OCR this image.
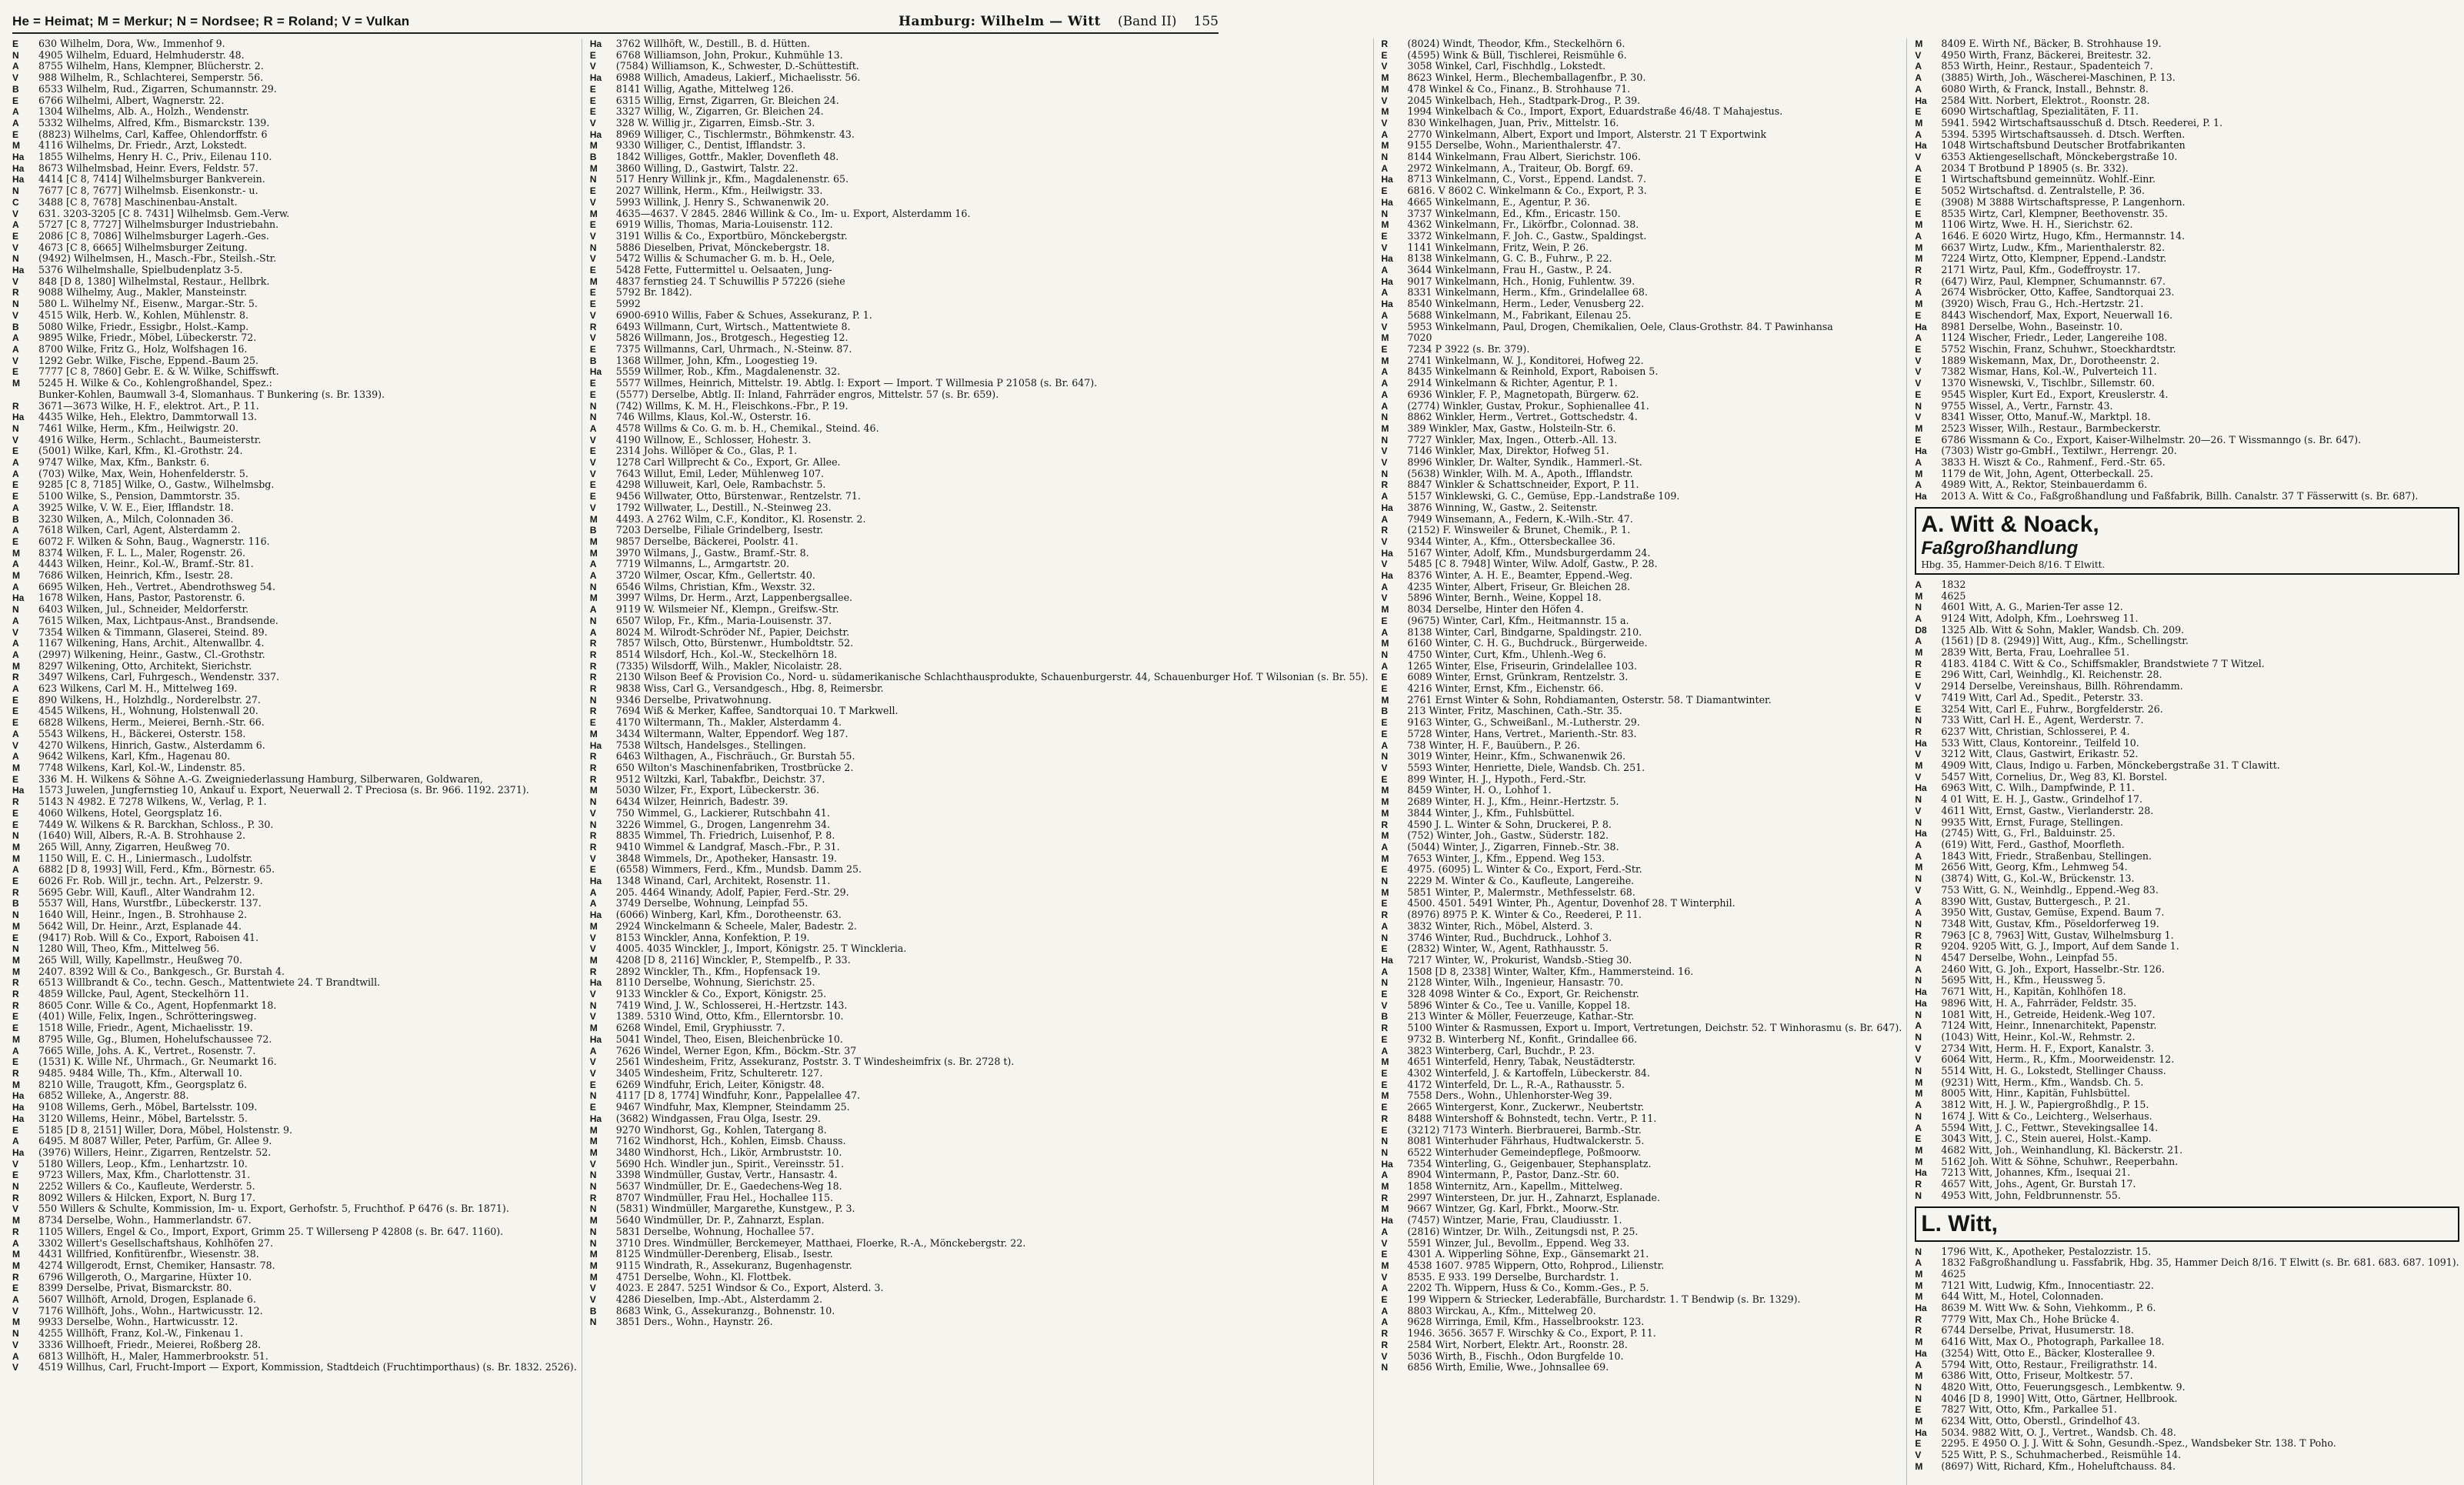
He = Heimat; M = Merkur; N = Nordsee; R = Roland; V = Vulkan	Hamburg: Wilhelm — Witt (Band II) 155
E	630 Wilhelm, Dora, Ww., Immenhof 9.
N	4905 Wilhelm, Eduard, Helmhuderstr. 48.
A	8755 Wilhelm, Hans, Klempner, Blücherstr. 2.
V	988 Wilhelm, R., Schlachterei, Semperstr. 56.
B	6533 Wilhelm, Rud., Zigarren, Schumannstr. 29.
E	6766 Wilhelmi, Albert, Wagnerstr. 22.
A	1304 Wilhelms, Alb. A., Holzh., Wendenstr.
A	5332 Wilhelms, Alfred, Kfm., Bismarckstr. 139.
E	(8823) Wilhelms, Carl, Kaffee, Ohlendorffstr. 6
M	4116 Wilhelms, Dr. Friedr., Arzt, Lokstedt.
Ha	1855 Wilhelms, Henry H. C., Priv., Eilenau 110.
Ha	8673 Wilhelmsbad, Heinr. Evers, Feldstr. 57.
Ha	4414 [C 8, 7414] Wilhelmsburger Bankverein.
N	7677 [C 8, 7677] Wilhelmsb. Eisenkonstr.- u.
C	3488 [C 8, 7678] Maschinenbau-Anstalt.
V	631. 3203-3205 [C 8. 7431] Wilhelmsb. Gem.-Verw.
A	5727 [C 8, 7727] Wilhelmsburger Industriebahn.
E	2086 [C 8, 7086] Wilhelmsburger Lagerh.-Ges.
V	4673 [C 8, 6665] Wilhelmsburger Zeitung.
N	(9492) Wilhelmsen, H., Masch.-Fbr., Steilsh.-Str.
Ha	5376 Wilhelmshalle, Spielbudenplatz 3-5.
V	848 [D 8, 1380] Wilhelmstal, Restaur., Hellbrk.
R	9088 Wilhelmy, Aug., Makler, Mansteinstr.
N	580 L. Wilhelmy Nf., Eisenw., Margar.-Str. 5.
V	4515 Wilk, Herb. W., Kohlen, Mühlenstr. 8.
B	5080 Wilke, Friedr., Essigbr., Holst.-Kamp.
A	9895 Wilke, Friedr., Möbel, Lübeckerstr. 72.
A	8700 Wilke, Fritz G., Holz, Wolfshagen 16.
V	1292 Gebr. Wilke, Fische, Eppend.-Baum 25.
E	7777 [C 8, 7860] Gebr. E. & W. Wilke, Schiffswft.
M	5245 H. Wilke & Co., Kohlengroßhandel, Spez.:
Bunker-Kohlen, Baumwall 3-4, Slomanhaus. T Bunkering (s. Br. 1339).
R	3671—3673 Wilke, H. F., elektrot. Art., P. 11.
Ha	4435 Wilke, Heh., Elektro, Dammtorwall 13.
N	7461 Wilke, Herm., Kfm., Heilwigstr. 20.
V	4916 Wilke, Herm., Schlacht., Baumeisterstr.
E	(5001) Wilke, Karl, Kfm., Kl.-Grothstr. 24.
A	9747 Wilke, Max, Kfm., Bankstr. 6.
A	(703) Wilke, Max, Wein, Hohenfelderstr. 5.
E	9285 [C 8, 7185] Wilke, O., Gastw., Wilhelmsbg.
E	5100 Wilke, S., Pension, Dammtorstr. 35.
A	3925 Wilke, V. W. E., Eier, Ifflandstr. 18.
B	3230 Wilken, A., Milch, Colonnaden 36.
A	7618 Wilken, Carl, Agent, Alsterdamm 2.
E	6072 F. Wilken & Sohn, Baug., Wagnerstr. 116.
M	8374 Wilken, F. L. L., Maler, Rogenstr. 26.
A	4443 Wilken, Heinr., Kol.-W., Bramf.-Str. 81.
M	7686 Wilken, Heinrich, Kfm., Isestr. 28.
A	6695 Wilken, Heh., Vertret., Abendrothsweg 54.
Ha	1678 Wilken, Hans, Pastor, Pastorenstr. 6.
N	6403 Wilken, Jul., Schneider, Meldorferstr.
A	7615 Wilken, Max, Lichtpaus-Anst., Brandsende.
V	7354 Wilken & Timmann, Glaserei, Steind. 89.
A	1167 Wilkening, Hans, Archit., Altenwallbr. 4.
A	(2997) Wilkening, Heinr., Gastw., Cl.-Grothstr.
M	8297 Wilkening, Otto, Architekt, Sierichstr.
R	3497 Wilkens, Carl, Fuhrgesch., Wendenstr. 337.
A	623 Wilkens, Carl M. H., Mittelweg 169.
E	890 Wilkens, H., Holzhdlg., Norderelbstr. 27.
E	4545 Wilkens, H., Wohnung, Holstenwall 20.
E	6828 Wilkens, Herm., Meierei, Bernh.-Str. 66.
A	5543 Wilkens, H., Bäckerei, Osterstr. 158.
V	4270 Wilkens, Hinrich, Gastw., Alsterdamm 6.
A	9642 Wilkens, Karl, Kfm., Hagenau 80.
M	7748 Wilkens, Karl, Kol.-W., Lindenstr. 85.
E	336 M. H. Wilkens & Söhne A.-G. Zweigniederlassung Hamburg, Silberwaren, Goldwaren,
Ha	1573 Juwelen, Jungfernstieg 10, Ankauf u. Export, Neuerwall 2. T Preciosa (s. Br. 966. 1192. 2371).
R	5143 N 4982. E 7278 Wilkens, W., Verlag, P. 1.
E	4060 Wilkens, Hotel, Georgsplatz 16.
E	7449 W. Wilkens & R. Barckhan, Schloss., P. 30.
N	(1640) Will, Albers, R.-A. B. Strohhause 2.
M	265 Will, Anny, Zigarren, Heußweg 70.
M	1150 Will, E. C. H., Liniermasch., Ludolfstr.
A	6882 [D 8, 1993] Will, Ferd., Kfm., Börnestr. 65.
E	6026 Fr. Rob. Will jr., techn. Art., Pelzerstr. 9.
R	5695 Gebr. Will, Kaufl., Alter Wandrahm 12.
B	5537 Will, Hans, Wurstfbr., Lübeckerstr. 137.
N	1640 Will, Heinr., Ingen., B. Strohhause 2.
M	5642 Will, Dr. Heinr., Arzt, Esplanade 44.
E	(9417) Rob. Will & Co., Export, Raboisen 41.
N	1280 Will, Theo, Kfm., Mittelweg 56.
M	265 Will, Willy, Kapellmstr., Heußweg 70.
M	2407. 8392 Will & Co., Bankgesch., Gr. Burstah 4.
R	6513 Willbrandt & Co., techn. Gesch., Mattentwiete 24. T Brandtwill.
R	4859 Willcke, Paul, Agent, Steckelhörn 11.
R	8605 Conr. Wille & Co., Agent, Hopfenmarkt 18.
E	(401) Wille, Felix, Ingen., Schrötteringsweg.
E	1518 Wille, Friedr., Agent, Michaelisstr. 19.
M	8795 Wille, Gg., Blumen, Hohelufschaussee 72.
A	7665 Wille, Johs. A. K., Vertret., Rosenstr. 7.
E	(1531) K. Wille Nf., Uhrmach., Gr. Neumarkt 16.
R	9485. 9484 Wille, Th., Kfm., Alterwall 10.
M	8210 Wille, Traugott, Kfm., Georgsplatz 6.
Ha	6852 Willeke, A., Angerstr. 88.
Ha	9108 Willems, Gerh., Möbel, Bartelsstr. 109.
Ha	3120 Willems, Heinr., Möbel, Bartelsstr. 5.
E	5185 [D 8, 2151] Willer, Dora, Möbel, Holstenstr. 9.
A	6495. M 8087 Willer, Peter, Parfüm, Gr. Allee 9.
Ha	(3976) Willers, Heinr., Zigarren, Rentzelstr. 52.
V	5180 Willers, Leop., Kfm., Lenhartzstr. 10.
E	9723 Willers, Max, Kfm., Charlottenstr. 31.
N	2252 Willers & Co., Kaufleute, Werderstr. 5.
R	8092 Willers & Hilcken, Export, N. Burg 17.
V	550 Willers & Schulte, Kommission, Im- u. Export, Gerhofstr. 5, Fruchthof. P 6476 (s. Br. 1871).
M	8734 Derselbe, Wohn., Hammerlandstr. 67.
R	1105 Willers, Engel & Co., Import, Export, Grimm 25. T Willerseng P 42808 (s. Br. 647. 1160).
A	3302 Willert's Gesellschaftshaus, Kohlhöfen 27.
M	4431 Willfried, Konfitürenfbr., Wiesenstr. 38.
M	4274 Willgerodt, Ernst, Chemiker, Hansastr. 78.
R	6796 Willgeroth, O., Margarine, Hüxter 10.
E	8399 Derselbe, Privat, Bismarckstr. 80.
A	5607 Willhöft, Arnold, Drogen, Esplanade 6.
V	7176 Willhöft, Johs., Wohn., Hartwicusstr. 12.
M	9933 Derselbe, Wohn., Hartwicusstr. 12.
N	4255 Willhöft, Franz, Kol.-W., Finkenau 1.
V	3336 Willhoeft, Friedr., Meierei, Roßberg 28.
A	6813 Willhöft, H., Maler, Hammerbrookstr. 51.
V	4519 Willhus, Carl, Frucht-Import — Export, Kommission, Stadtdeich (Fruchtimporthaus) (s. Br. 1832. 2526).
Ha	3762 Willhöft, W., Destill., B. d. Hütten.
E	6768 Williamson, John, Prokur., Kuhmühle 13.
V	(7584) Williamson, K., Schwester, D.-Schüttestift.
Ha	6988 Willich, Amadeus, Lakierf., Michaelisstr. 56.
E	8141 Willig, Agathe, Mittelweg 126.
E	6315 Willig, Ernst, Zigarren, Gr. Bleichen 24.
E	3327 Willig, W., Zigarren, Gr. Bleichen 24.
V	328 W. Willig jr., Zigarren, Eimsb.-Str. 3.
Ha	8969 Williger, C., Tischlermstr., Böhmkenstr. 43.
M	9330 Williger, C., Dentist, Ifflandstr. 3.
B	1842 Williges, Gottfr., Makler, Dovenfleth 48.
M	3860 Willing, D., Gastwirt, Talstr. 22.
N	517 Henry Willink jr., Kfm., Magdalenenstr. 65.
E	2027 Willink, Herm., Kfm., Heilwigstr. 33.
V	5993 Willink, J. Henry S., Schwanenwik 20.
M	4635—4637. V 2845. 2846 Willink & Co., Im- u. Export, Alsterdamm 16.
E	6919 Willis, Thomas, Maria-Louisenstr. 112.
V	3191 Willis & Co., Exportbüro, Mönckebergstr.
N	5886 Dieselben, Privat, Mönckebergstr. 18.
V	5472 Willis & Schumacher G. m. b. H., Oele,
E	5428 Fette, Futtermittel u. Oelsaaten, Jung-
M	4837 fernstieg 24. T Schuwillis P 57226 (siehe
E	5792 Br. 1842).
E	5992
V	6900-6910 Willis, Faber & Schues, Assekuranz, P. 1.
R	6493 Willmann, Curt, Wirtsch., Mattentwiete 8.
V	5826 Willmann, Jos., Brotgesch., Hegestieg 12.
E	7375 Willmanns, Carl, Uhrmach., N.-Steinw. 87.
B	1368 Willmer, John, Kfm., Loogestieg 19.
Ha	5559 Willmer, Rob., Kfm., Magdalenenstr. 32.
E	5577 Willmes, Heinrich, Mittelstr. 19. Abtlg. I: Export — Import. T Willmesia P 21058 (s. Br. 647).
E	(5577) Derselbe, Abtlg. II: Inland, Fahrräder engros, Mittelstr. 57 (s. Br. 659).
N	(742) Willms, K. M. H., Fleischkons.-Fbr., P. 19.
N	746 Willms, Klaus, Kol.-W., Osterstr. 16.
A	4578 Willms & Co. G. m. b. H., Chemikal., Steind. 46.
V	4190 Willnow, E., Schlosser, Hohestr. 3.
E	2314 Johs. Willöper & Co., Glas, P. 1.
V	1278 Carl Willprecht & Co., Export, Gr. Allee.
V	7643 Willut, Emil, Leder, Mühlenweg 107.
E	4298 Willuweit, Karl, Oele, Rambachstr. 5.
E	9456 Willwater, Otto, Bürstenwar., Rentzelstr. 71.
V	1792 Willwater, L., Destill., N.-Steinweg 23.
M	4493. A 2762 Wilm, C.F., Konditor., Kl. Rosenstr. 2.
B	7203 Derselbe, Filiale Grindelberg, Isestr.
M	9857 Derselbe, Bäckerei, Poolstr. 41.
M	3970 Wilmans, J., Gastw., Bramf.-Str. 8.
A	7719 Wilmanns, L., Armgartstr. 20.
A	3720 Wilmer, Oscar, Kfm., Gellertstr. 40.
N	6546 Wilms, Christian, Kfm., Wexstr. 32.
M	3997 Wilms, Dr. Herm., Arzt, Lappenbergsallee.
A	9119 W. Wilsmeier Nf., Klempn., Greifsw.-Str.
N	6507 Wilop, Fr., Kfm., Maria-Louisenstr. 37.
A	8024 M. Wilrodt-Schröder Nf., Papier, Deichstr.
R	7857 Wilsch, Otto, Bürstenwr., Humboldtstr. 52.
R	8514 Wilsdorf, Hch., Kol.-W., Steckelhörn 18.
R	(7335) Wilsdorff, Wilh., Makler, Nicolaistr. 28.
R	2130 Wilson Beef & Provision Co., Nord- u. südamerikanische Schlachthausprodukte, Schauenburgerstr. 44, Schauenburger Hof. T Wilsonian (s. Br. 55).
R	9838 Wiss, Carl G., Versandgesch., Hbg. 8, Reimersbr.
N	9346 Derselbe, Privatwohnung.
R	7694 Wiß & Merker, Kaffee, Sandtorquai 10. T Markwell.
E	4170 Wiltermann, Th., Makler, Alsterdamm 4.
M	3434 Wiltermann, Walter, Eppendorf. Weg 187.
Ha	7538 Wiltsch, Handelsges., Stellingen.
R	6463 Wilthagen, A., Fischräuch., Gr. Burstah 55.
R	650 Wilton's Maschinenfabriken, Trostbrücke 2.
R	9512 Wiltzki, Karl, Tabakfbr., Deichstr. 37.
M	5030 Wilzer, Fr., Export, Lübeckerstr. 36.
N	6434 Wilzer, Heinrich, Badestr. 39.
V	750 Wimmel, G., Lackierer, Rutschbahn 41.
N	3226 Wimmel, G., Drogen, Langenrehm 34.
R	8835 Wimmel, Th. Friedrich, Luisenhof, P. 8.
R	9410 Wimmel & Landgraf, Masch.-Fbr., P. 31.
V	3848 Wimmels, Dr., Apotheker, Hansastr. 19.
E	(6558) Wimmers, Ferd., Kfm., Mundsb. Damm 25.
Ha	1348 Winand, Carl, Architekt, Rosenstr. 11.
A	205. 4464 Winandy, Adolf, Papier, Ferd.-Str. 29.
A	3749 Derselbe, Wohnung, Leinpfad 55.
Ha	(6066) Winberg, Karl, Kfm., Dorotheenstr. 63.
M	2924 Winckelmann & Scheele, Maler, Badestr. 2.
V	8153 Winckler, Anna, Konfektion, P. 19.
V	4005. 4035 Winckler, J., Import, Königstr. 25. T Winckleria.
M	4208 [D 8, 2116] Winckler, P., Stempelfb., P. 33.
R	2892 Winckler, Th., Kfm., Hopfensack 19.
Ha	8110 Derselbe, Wohnung, Sierichstr. 25.
V	9133 Winckler & Co., Export, Königstr. 25.
N	7419 Wind, J. W., Schlosserei, H.-Hertzstr. 143.
V	1389. 5310 Wind, Otto, Kfm., Ellerntorsbr. 10.
M	6268 Windel, Emil, Gryphiusstr. 7.
Ha	5041 Windel, Theo, Eisen, Bleichenbrücke 10.
A	7626 Windel, Werner Egon, Kfm., Böckm.-Str. 37
V	2561 Windesheim, Fritz, Assekuranz, Poststr. 3. T Windesheimfrix (s. Br. 2728 t).
V	3405 Windesheim, Fritz, Schulteretr. 127.
E	6269 Windfuhr, Erich, Leiter, Königstr. 48.
N	4117 [D 8, 1774] Windfuhr, Konr., Pappelallee 47.
E	9467 Windfuhr, Max, Klempner, Steindamm 25.
Ha	(3682) Windgassen, Frau Olga, Isestr. 29.
M	9270 Windhorst, Gg., Kohlen, Tatergang 8.
M	7162 Windhorst, Hch., Kohlen, Eimsb. Chauss.
M	3480 Windhorst, Hch., Likör, Armbruststr. 10.
V	5690 Hch. Windler jun., Spirit., Vereinsstr. 51.
N	3398 Windmüller, Gustav, Vertr., Hansastr. 4.
N	5637 Windmüller, Dr. E., Gaedechens-Weg 18.
R	8707 Windmüller, Frau Hel., Hochallee 115.
N	(5831) Windmüller, Margarethe, Kunstgew., P. 3.
M	5640 Windmüller, Dr. P., Zahnarzt, Esplan.
N	5831 Derselbe, Wohnung, Hochallee 57.
N	3710 Dres. Windmüller, Berckemeyer, Matthaei, Floerke, R.-A., Mönckebergstr. 22.
M	8125 Windmüller-Derenberg, Elisab., Isestr.
M	9115 Windrath, R., Assekuranz, Bugenhagenstr.
M	4751 Derselbe, Wohn., Kl. Flottbek.
V	4023. E 2847. 5251 Windsor & Co., Export, Alsterd. 3.
V	4286 Dieselben, Imp.-Abt., Alsterdamm 2.
B	8683 Wink, G., Assekuranzg., Bohnenstr. 10.
N	3851 Ders., Wohn., Haynstr. 26.
R	(8024) Windt, Theodor, Kfm., Steckelhörn 6.
E	(4595) Wink & Büll, Tischlerei, Reismühle 6.
V	3058 Winkel, Carl, Fischhdlg., Lokstedt.
M	8623 Winkel, Herm., Blechemballagenfbr., P. 30.
M	478 Winkel & Co., Finanz., B. Strohhause 71.
V	2045 Winkelbach, Heh., Stadtpark-Drog., P. 39.
M	1994 Winkelbach & Co., Import, Export, Eduardstraße 46/48. T Mahajestus.
V	830 Winkelhagen, Juan, Priv., Mittelstr. 16.
A	2770 Winkelmann, Albert, Export und Import, Alsterstr. 21 T Exportwink
M	9155 Derselbe, Wohn., Marienthalerstr. 47.
N	8144 Winkelmann, Frau Albert, Sierichstr. 106.
A	2972 Winkelmann, A., Traiteur, Ob. Borgf. 69.
Ha	8713 Winkelmann, C., Vorst., Eppend. Landst. 7.
E	6816. V 8602 C. Winkelmann & Co., Export, P. 3.
Ha	4665 Winkelmann, E., Agentur, P. 36.
N	3737 Winkelmann, Ed., Kfm., Ericastr. 150.
M	4362 Winkelmann, Fr., Likörfbr., Colonnad. 38.
E	3372 Winkelmann, F. Joh. C., Gastw., Spaldingst.
V	1141 Winkelmann, Fritz, Wein, P. 26.
Ha	8138 Winkelmann, G. C. B., Fuhrw., P. 22.
A	3644 Winkelmann, Frau H., Gastw., P. 24.
Ha	9017 Winkelmann, Hch., Honig, Fuhlentw. 39.
A	8331 Winkelmann, Herm., Kfm., Grindelallee 68.
Ha	8540 Winkelmann, Herm., Leder, Venusberg 22.
A	5688 Winkelmann, M., Fabrikant, Eilenau 25.
V	5953 Winkelmann, Paul, Drogen, Chemikalien, Oele, Claus-Grothstr. 84. T Pawinhansa
M	7020
E	7234 P 3922 (s. Br. 379).
M	2741 Winkelmann, W. J., Konditorei, Hofweg 22.
A	8435 Winkelmann & Reinhold, Export, Raboisen 5.
A	2914 Winkelmann & Richter, Agentur, P. 1.
A	6936 Winkler, F. P., Magnetopath, Bürgerw. 62.
A	(2774) Winkler, Gustav, Prokur., Sophienallee 41.
N	8862 Winkler, Herm., Vertret., Gottschedstr. 4.
M	389 Winkler, Max, Gastw., Holsteiln-Str. 6.
N	7727 Winkler, Max, Ingen., Otterb.-All. 13.
V	7146 Winkler, Max, Direktor, Hofweg 51.
V	8996 Winkler, Dr. Walter, Syndik., Hammerl.-St.
N	(5638) Winkler, Wilh. M. A., Apoth., Ifflandstr.
R	8847 Winkler & Schattschneider, Export, P. 11.
A	5157 Winklewski, G. C., Gemüse, Epp.-Landstraße 109.
Ha	3876 Winning, W., Gastw., 2. Seitenstr.
A	7949 Winsemann, A., Federn, K.-Wilh.-Str. 47.
R	(2152) F. Winsweiler & Brunet, Chemik., P. 1.
V	9344 Winter, A., Kfm., Ottersbeckallee 36.
Ha	5167 Winter, Adolf, Kfm., Mundsburgerdamm 24.
V	5485 [C 8. 7948] Winter, Wilw. Adolf, Gastw., P. 28.
Ha	8376 Winter, A. H. E., Beamter, Eppend.-Weg.
A	4235 Winter, Albert, Friseur, Gr. Bleichen 28.
V	5896 Winter, Bernh., Weine, Koppel 18.
M	8034 Derselbe, Hinter den Höfen 4.
E	(9675) Winter, Carl, Kfm., Heitmannstr. 15 a.
A	8138 Winter, Carl, Bindgarne, Spaldingstr. 210.
M	6160 Winter, C. H. G., Buchdruck., Bürgerweide.
N	4750 Winter, Curt, Kfm., Uhlenh.-Weg 6.
A	1265 Winter, Else, Friseurin, Grindelallee 103.
E	6089 Winter, Ernst, Grünkram, Rentzelstr. 3.
E	4216 Winter, Ernst, Kfm., Eichenstr. 66.
M	2761 Ernst Winter & Sohn, Rohdiamanten, Osterstr. 58. T Diamantwinter.
B	213 Winter, Fritz, Maschinen, Cath.-Str. 35.
E	9163 Winter, G., Schweißanl., M.-Lutherstr. 29.
E	5728 Winter, Hans, Vertret., Marienth.-Str. 83.
A	738 Winter, H. F., Bauübern., P. 26.
N	3019 Winter, Heinr., Kfm., Schwanenwik 26.
V	5593 Winter, Henriette, Diele, Wandsb. Ch. 251.
E	899 Winter, H. J., Hypoth., Ferd.-Str.
M	8459 Winter, H. O., Lohhof 1.
M	2689 Winter, H. J., Kfm., Heinr.-Hertzstr. 5.
M	3844 Winter, J., Kfm., Fuhlsbüttel.
R	4590 J. L. Winter & Sohn, Druckerei, P. 8.
M	(752) Winter, Joh., Gastw., Süderstr. 182.
A	(5044) Winter, J., Zigarren, Finneb.-Str. 38.
M	7653 Winter, J., Kfm., Eppend. Weg 153.
E	4975. (6095) L. Winter & Co., Export, Ferd.-Str.
N	2229 M. Winter & Co., Kaufleute, Langereihe.
M	5851 Winter, P., Malermstr., Methfesselstr. 68.
E	4500. 4501. 5491 Winter, Ph., Agentur, Dovenhof 28. T Winterphil.
R	(8976) 8975 P. K. Winter & Co., Reederei, P. 11.
A	3832 Winter, Rich., Möbel, Alsterd. 3.
N	3746 Winter, Rud., Buchdruck., Lohhof 3.
E	(2832) Winter, W., Agent, Rathhausstr. 5.
Ha	7217 Winter, W., Prokurist, Wandsb.-Stieg 30.
A	1508 [D 8, 2338] Winter, Walter, Kfm., Hammersteind. 16.
N	2128 Winter, Wilh., Ingenieur, Hansastr. 70.
E	328 4098 Winter & Co., Export, Gr. Reichenstr.
V	5896 Winter & Co., Tee u. Vanille, Koppel 18.
B	213 Winter & Möller, Feuerzeuge, Kathar.-Str.
R	5100 Winter & Rasmussen, Export u. Import, Vertretungen, Deichstr. 52. T Winhorasmu (s. Br. 647).
E	9732 B. Winterberg Nf., Konfit., Grindallee 66.
A	3823 Winterberg, Carl, Buchdr., P. 23.
M	4651 Winterfeld, Henry, Tabak, Neustädterstr.
E	4302 Winterfeld, J. & Kartoffeln, Lübeckerstr. 84.
E	4172 Winterfeld, Dr. L., R.-A., Rathausstr. 5.
M	7558 Ders., Wohn., Uhlenhorster-Weg 39.
E	2665 Wintergerst, Konr., Zuckerwr., Neubertstr.
R	8488 Wintershoff & Bohnstedt, techn. Vertr., P. 11.
E	(3212) 7173 Winterh. Bierbrauerei, Barmb.-Str.
N	8081 Winterhuder Fährhaus, Hudtwalckerstr. 5.
N	6522 Winterhuder Gemeindepflege, Poßmoorw.
Ha	7354 Winterling, G., Geigenbauer, Stephansplatz.
A	8904 Wintermann, P., Pastor, Danz.-Str. 60.
M	1858 Winternitz, Arn., Kapellm., Mittelweg.
R	2997 Wintersteen, Dr. jur. H., Zahnarzt, Esplanade.
M	9667 Wintzer, Gg. Karl, Fbrkt., Moorw.-Str.
Ha	(7457) Wintzer, Marie, Frau, Claudiusstr. 1.
A	(2816) Wintzer, Dr. Wilh., Zeitungsdi nst, P. 25.
V	5591 Winzer, Jul., Bevollm., Eppend. Weg 33.
E	4301 A. Wipperling Söhne, Exp., Gänsemarkt 21.
M	4538 1607. 9785 Wippern, Otto, Rohprod., Lilienstr.
V	8535. E 933. 199 Derselbe, Burchardstr. 1.
A	2202 Th. Wippern, Huss & Co., Komm.-Ges., P. 5.
E	199 Wippern & Striecker, Lederabfälle, Burchardstr. 1. T Bendwip (s. Br. 1329).
A	8803 Wirckau, A., Kfm., Mittelweg 20.
A	9628 Wirringa, Emil, Kfm., Hasselbrookstr. 123.
R	1946. 3656. 3657 F. Wirschky & Co., Export, P. 11.
R	2584 Wirt, Norbert, Elektr. Art., Roonstr. 28.
V	5036 Wirth, B., Fischh., Odon Burgfelde 10.
N	6856 Wirth, Emilie, Wwe., Johnsallee 69.
M	8409 E. Wirth Nf., Bäcker, B. Strohhause 19.
V	4950 Wirth, Franz, Bäckerei, Breitestr. 32.
A	853 Wirth, Heinr., Restaur., Spadenteich 7.
A	(3885) Wirth, Joh., Wäscherei-Maschinen, P. 13.
A	6080 Wirth, & Franck, Install., Behnstr. 8.
Ha	2584 Witt. Norbert, Elektrot., Roonstr. 28.
E	6090 Wirtschaftlag, Spezialitäten, F. 11.
M	5941. 5942 Wirtschaftsausschuß d. Dtsch. Reederei, P. 1.
A	5394. 5395 Wirtschaftsausseh. d. Dtsch. Werften.
Ha	1048 Wirtschaftsbund Deutscher Brotfabrikanten
V	6353 Aktiengesellschaft, Mönckebergstraße 10.
A	2034 T Brotbund P 18905 (s. Br. 332).
E	1 Wirtschaftsbund gemeinnütz. Wohlf.-Einr.
E	5052 Wirtschaftsd. d. Zentralstelle, P. 36.
E	(3908) M 3888 Wirtschaftspresse, P. Langenhorn.
E	8535 Wirtz, Carl, Klempner, Beethovenstr. 35.
M	1106 Wirtz, Wwe. H. H., Sierichstr. 62.
A	1646. E 6020 Wirtz, Hugo, Kfm., Hermannstr. 14.
M	6637 Wirtz, Ludw., Kfm., Marienthalerstr. 82.
M	7224 Wirtz, Otto, Klempner, Eppend.-Landstr.
R	2171 Wirtz, Paul, Kfm., Godeffroystr. 17.
R	(647) Wirz, Paul, Klempner, Schumannstr. 67.
A	2674 Wisbröcker, Otto, Kaffee, Sandtorquai 23.
M	(3920) Wisch, Frau G., Hch.-Hertzstr. 21.
E	8443 Wischendorf, Max, Export, Neuerwall 16.
Ha	8981 Derselbe, Wohn., Baseinstr. 10.
A	1124 Wischer, Friedr., Leder, Langereihe 108.
E	5752 Wischin, Franz, Schuhwr., Stoeckhardtstr.
V	1889 Wiskemann, Max, Dr., Dorotheenstr. 2.
V	7382 Wismar, Hans, Kol.-W., Pulverteich 11.
V	1370 Wisnewski, V., Tischlbr., Sillemstr. 60.
E	9545 Wispler, Kurt Ed., Export, Kreuslerstr. 4.
N	9755 Wissel, A., Vertr., Farnstr. 43.
V	8341 Wisser, Otto, Manuf.-W., Marktpl. 18.
M	2523 Wisser, Wilh., Restaur., Barmbeckerstr.
E	6786 Wissmann & Co., Export, Kaiser-Wilhelmstr. 20—26. T Wissmanngo (s. Br. 647).
Ha	(7303) Wistr go-GmbH., Textilwr., Herrengr. 20.
A	3833 H. Wiszt & Co., Rahmenf., Ferd.-Str. 65.
M	1179 de Wit, John, Agent, Otterbeckall. 25.
A	4989 Witt, A., Rektor, Steinbauerdamm 6.
Ha	2013 A. Witt & Co., Faßgroßhandlung und Faßfabrik, Billh. Canalstr. 37 T Fässerwitt (s. Br. 687).
A. Witt & Noack,
Faßgroßhandlung
Hbg. 35, Hammer-Deich 8/16. T Elwitt.
A	1832
M	4625
N	4601 Witt, A. G., Marien-Ter asse 12.
A	9124 Witt, Adolph, Kfm., Loehrsweg 11.
D8	1325 Alb. Witt & Sohn, Makler, Wandsb. Ch. 209.
A	(1561) [D 8. (2949)] Witt, Aug., Kfm., Schellingstr.
M	2839 Witt, Berta, Frau, Loehrallee 51.
R	4183. 4184 C. Witt & Co., Schiffsmakler, Brandstwiete 7 T Witzel.
E	296 Witt, Carl, Weinhdlg., Kl. Reichenstr. 28.
V	2914 Derselbe, Vereinshaus, Billh. Röhrendamm.
V	7419 Witt, Carl Ad., Spedit., Peterstr. 33.
E	3254 Witt, Carl E., Fuhrw., Borgfelderstr. 26.
N	733 Witt, Carl H. E., Agent, Werderstr. 7.
R	6237 Witt, Christian, Schlosserei, P. 4.
Ha	533 Witt, Claus, Kontoreinr., Teilfeld 10.
V	3212 Witt, Claus, Gastwirt, Erikastr. 52.
M	4909 Witt, Claus, Indigo u. Farben, Mönckebergstraße 31. T Clawitt.
V	5457 Witt, Cornelius, Dr., Weg 83, Kl. Borstel.
Ha	6963 Witt, C. Wilh., Dampfwinde, P. 11.
N	4 01 Witt, E. H. J., Gastw., Grindelhof 17.
V	4611 Witt, Ernst, Gastw., Vierlanderstr. 28.
N	9935 Witt, Ernst, Furage, Stellingen.
Ha	(2745) Witt, G., Frl., Balduinstr. 25.
A	(619) Witt, Ferd., Gasthof, Moorfleth.
A	1843 Witt, Friedr., Straßenbau, Stellingen.
M	2656 Witt, Georg, Kfm., Lehmweg 54.
N	(3874) Witt, G., Kol.-W., Brückenstr. 13.
V	753 Witt, G. N., Weinhdlg., Eppend.-Weg 83.
A	8390 Witt, Gustav, Buttergesch., P. 21.
A	3950 Witt, Gustav, Gemüse, Expend. Baum 7.
N	7348 Witt, Gustav, Kfm., Pöseldorferweg 19.
R	7963 [C 8, 7963] Witt, Gustav, Wilhelmsburg 1.
R	9204. 9205 Witt, G. J., Import, Auf dem Sande 1.
N	4547 Derselbe, Wohn., Leinpfad 55.
A	2460 Witt, G. Joh., Export, Hasselbr.-Str. 126.
N	5695 Witt, H., Kfm., Heussweg 5.
Ha	7671 Witt, H., Kapitän, Kohlhöfen 18.
Ha	9896 Witt, H. A., Fahrräder, Feldstr. 35.
N	1081 Witt, H., Getreide, Heidenk.-Weg 107.
A	7124 Witt, Heinr., Innenarchitekt, Papenstr.
N	(1043) Witt, Heinr., Kol.-W., Rehmstr. 2.
V	2734 Witt, Herm. H. F., Export, Kanalstr. 3.
V	6064 Witt, Herm., R., Kfm., Moorweidenstr. 12.
N	5514 Witt, H. G., Lokstedt, Stellinger Chauss.
M	(9231) Witt, Herm., Kfm., Wandsb. Ch. 5.
M	8005 Witt, Hinr., Kapitän, Fuhlsbüttel.
A	3812 Witt, H. J. W., Papiergroßhdlg., P. 15.
N	1674 J. Witt & Co., Leichterg., Welserhaus.
A	5594 Witt, J. C., Fettwr., Stevekingsallee 14.
E	3043 Witt, J. C., Stein auerei, Holst.-Kamp.
M	4682 Witt, Joh., Weinhandlung, Kl. Bäckerstr. 21.
M	5162 Joh. Witt & Söhne, Schuhwr., Reeperbahn.
Ha	7213 Witt, Johannes, Kfm., Isequai 21.
R	4657 Witt, Johs., Agent, Gr. Burstah 17.
N	4953 Witt, John, Feldbrunnenstr. 55.
L. Witt,
N	1796 Witt, K., Apotheker, Pestalozzistr. 15.
A	1832 Faßgroßhandlung u. Fassfabrik, Hbg. 35, Hammer Deich 8/16. T Elwitt (s. Br. 681. 683. 687. 1091).
M	4625
M	7121 Witt, Ludwig, Kfm., Innocentiastr. 22.
M	644 Witt, M., Hotel, Colonnaden.
Ha	8639 M. Witt Ww. & Sohn, Viehkomm., P. 6.
R	7779 Witt, Max Ch., Hohe Brücke 4.
R	6744 Derselbe, Privat, Husumerstr. 18.
M	6416 Witt, Max O., Photograph, Parkallee 18.
Ha	(3254) Witt, Otto E., Bäcker, Klosterallee 9.
A	5794 Witt, Otto, Restaur., Freiligrathstr. 14.
M	6386 Witt, Otto, Friseur, Moltkestr. 57.
N	4820 Witt, Otto, Feuerungsgesch., Lembkentw. 9.
N	4046 [D 8, 1990] Witt, Otto, Gärtner, Hellbrook.
E	7827 Witt, Otto, Kfm., Parkallee 51.
M	6234 Witt, Otto, Oberstl., Grindelhof 43.
Ha	5034. 9882 Witt, O. J., Vertret., Wandsb. Ch. 48.
E	2295. E 4950 O. J. J. Witt & Sohn, Gesundh.-Spez., Wandsbeker Str. 138. T Poho.
V	525 Witt, P. S., Schuhmacherbed., Reismühle 14.
M	(8697) Witt, Richard, Kfm., Hoheluftchauss. 84.
